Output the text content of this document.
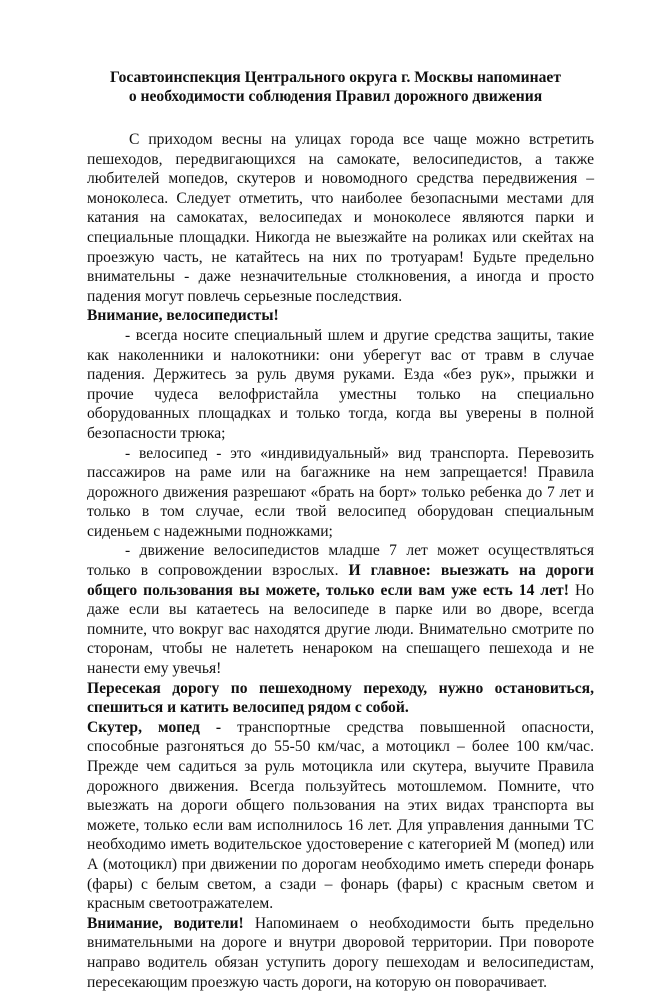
Госавтоинспекция Центрального округа г. Москвы напоминает
о необходимости соблюдения Правил дорожного движения

С приходом весны на улицах города все чаще можно встретить пешеходов, передвигающихся на самокате, велосипедистов, а также любителей мопедов, скутеров и новомодного средства передвижения – моноколеса. Следует отметить, что наиболее безопасными местами для катания на самокатах, велосипедах и моноколесе являются парки и специальные площадки. Никогда не выезжайте на роликах или скейтах на проезжую часть, не катайтесь на них по тротуарам! Будьте предельно внимательны - даже незначительные столкновения, а иногда и просто падения могут повлечь серьезные последствия.

Внимание, велосипедисты!

- всегда носите специальный шлем и другие средства защиты, такие как наколенники и налокотники: они уберегут вас от травм в случае падения. Держитесь за руль двумя руками. Езда «без рук», прыжки и прочие чудеса велофристайла уместны только на специально оборудованных площадках и только тогда, когда вы уверены в полной безопасности трюка;

- велосипед - это «индивидуальный» вид транспорта. Перевозить пассажиров на раме или на багажнике на нем запрещается! Правила дорожного движения разрешают «брать на борт» только ребенка до 7 лет и только в том случае, если твой велосипед оборудован специальным сиденьем с надежными подножками;

- движение велосипедистов младше 7 лет может осуществляться только в сопровождении взрослых. И главное: выезжать на дороги общего пользования вы можете, только если вам уже есть 14 лет! Но даже если вы катаетесь на велосипеде в парке или во дворе, всегда помните, что вокруг вас находятся другие люди. Внимательно смотрите по сторонам, чтобы не налететь ненароком на спешащего пешехода и не нанести ему увечья!

Пересекая дорогу по пешеходному переходу, нужно остановиться, спешиться и катить велосипед рядом с собой.

Скутер, мопед - транспортные средства повышенной опасности, способные разгоняться до 55-50 км/час, а мотоцикл – более 100 км/час. Прежде чем садиться за руль мотоцикла или скутера, выучите Правила дорожного движения. Всегда пользуйтесь мотошлемом. Помните, что выезжать на дороги общего пользования на этих видах транспорта вы можете, только если вам исполнилось 16 лет. Для управления данными ТС необходимо иметь водительское удостоверение с категорией М (мопед) или А (мотоцикл) при движении по дорогам необходимо иметь спереди фонарь (фары) с белым светом, а сзади – фонарь (фары) с красным светом и красным светоотражателем.

Внимание, водители! Напоминаем о необходимости быть предельно внимательными на дороге и внутри дворовой территории. При повороте направо водитель обязан уступить дорогу пешеходам и велосипедистам, пересекающим проезжую часть дороги, на которую он поворачивает.
